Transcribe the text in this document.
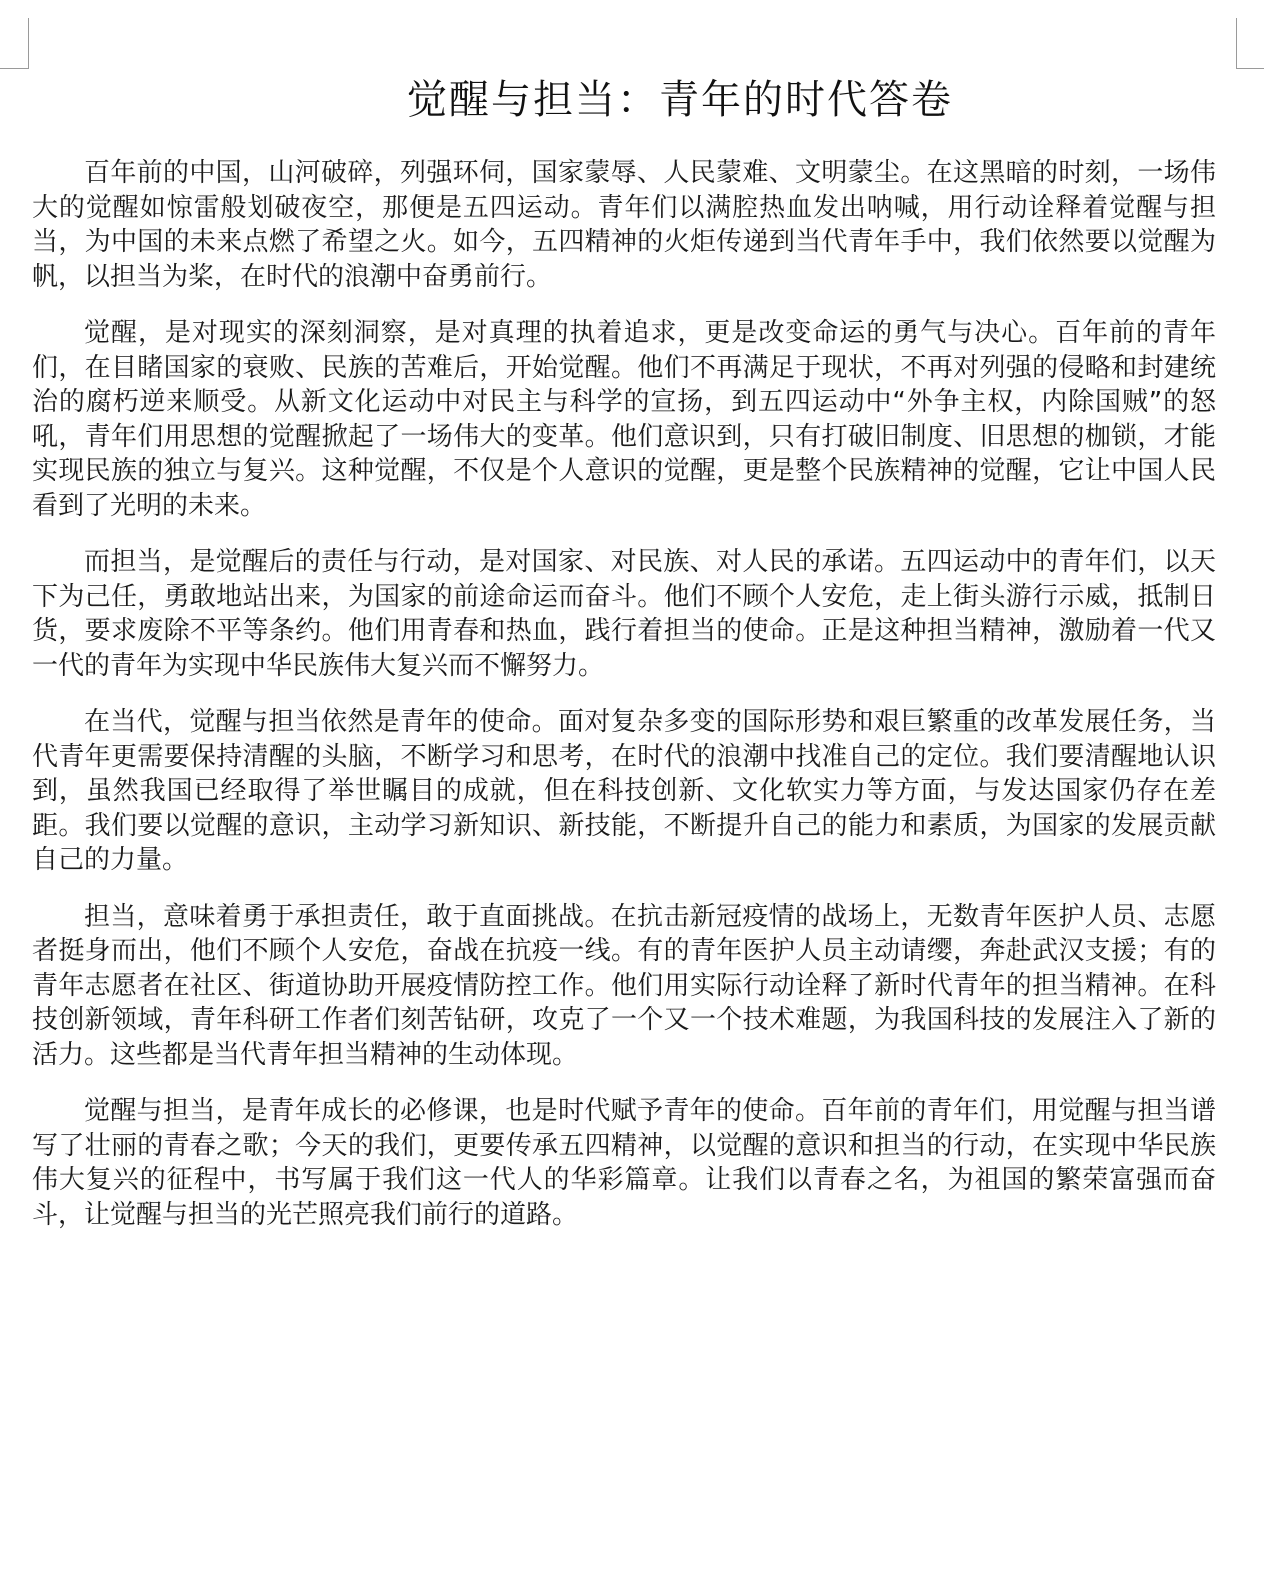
觉醒与担当：青年的时代答卷

百年前的中国，山河破碎，列强环伺，国家蒙辱、人民蒙难、文明蒙尘。在这黑暗的时刻，一场伟大的觉醒如惊雷般划破夜空，那便是五四运动。青年们以满腔热血发出呐喊，用行动诠释着觉醒与担当，为中国的未来点燃了希望之火。如今，五四精神的火炬传递到当代青年手中，我们依然要以觉醒为帆，以担当为桨，在时代的浪潮中奋勇前行。

觉醒，是对现实的深刻洞察，是对真理的执着追求，更是改变命运的勇气与决心。百年前的青年们，在目睹国家的衰败、民族的苦难后，开始觉醒。他们不再满足于现状，不再对列强的侵略和封建统治的腐朽逆来顺受。从新文化运动中对民主与科学的宣扬，到五四运动中“外争主权，内除国贼”的怒吼，青年们用思想的觉醒掀起了一场伟大的变革。他们意识到，只有打破旧制度、旧思想的枷锁，才能实现民族的独立与复兴。这种觉醒，不仅是个人意识的觉醒，更是整个民族精神的觉醒，它让中国人民看到了光明的未来。

而担当，是觉醒后的责任与行动，是对国家、对民族、对人民的承诺。五四运动中的青年们，以天下为己任，勇敢地站出来，为国家的前途命运而奋斗。他们不顾个人安危，走上街头游行示威，抵制日货，要求废除不平等条约。他们用青春和热血，践行着担当的使命。正是这种担当精神，激励着一代又一代的青年为实现中华民族伟大复兴而不懈努力。

在当代，觉醒与担当依然是青年的使命。面对复杂多变的国际形势和艰巨繁重的改革发展任务，当代青年更需要保持清醒的头脑，不断学习和思考，在时代的浪潮中找准自己的定位。我们要清醒地认识到，虽然我国已经取得了举世瞩目的成就，但在科技创新、文化软实力等方面，与发达国家仍存在差距。我们要以觉醒的意识，主动学习新知识、新技能，不断提升自己的能力和素质，为国家的发展贡献自己的力量。

担当，意味着勇于承担责任，敢于直面挑战。在抗击新冠疫情的战场上，无数青年医护人员、志愿者挺身而出，他们不顾个人安危，奋战在抗疫一线。有的青年医护人员主动请缨，奔赴武汉支援；有的青年志愿者在社区、街道协助开展疫情防控工作。他们用实际行动诠释了新时代青年的担当精神。在科技创新领域，青年科研工作者们刻苦钻研，攻克了一个又一个技术难题，为我国科技的发展注入了新的活力。这些都是当代青年担当精神的生动体现。

觉醒与担当，是青年成长的必修课，也是时代赋予青年的使命。百年前的青年们，用觉醒与担当谱写了壮丽的青春之歌；今天的我们，更要传承五四精神，以觉醒的意识和担当的行动，在实现中华民族伟大复兴的征程中，书写属于我们这一代人的华彩篇章。让我们以青春之名，为祖国的繁荣富强而奋斗，让觉醒与担当的光芒照亮我们前行的道路。
